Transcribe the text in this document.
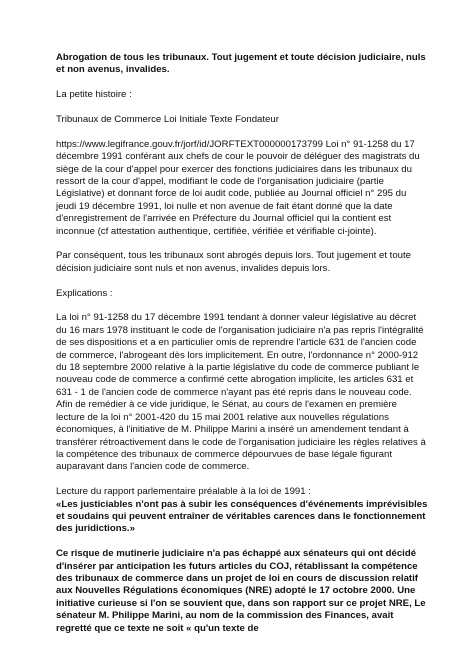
Abrogation de tous les tribunaux. Tout jugement et toute décision judiciaire, nuls et non avenus, invalides.

La petite histoire :

Tribunaux de Commerce Loi Initiale Texte Fondateur

https://www.legifrance.gouv.fr/jorf/id/JORFTEXT000000173799 Loi n° 91-1258 du 17 décembre 1991 conférant aux chefs de cour le pouvoir de déléguer des magistrats du siège de la cour d'appel pour exercer des fonctions judiciaires dans les tribunaux du ressort de la cour d'appel, modifiant le code de l'organisation judiciaire (partie Législative) et donnant force de loi audit code, publiée au Journal officiel n° 295 du jeudi 19 décembre 1991, loi nulle et non avenue de fait étant donné que la date d'enregistrement de l'arrivée en Préfecture du Journal officiel qui la contient est inconnue (cf attestation authentique, certifiée, vérifiée et vérifiable ci-jointe).

Par conséquent, tous les tribunaux sont abrogés depuis lors. Tout jugement et toute décision judiciaire sont nuls et non avenus, invalides depuis lors.

Explications :

La loi n° 91-1258 du 17 décembre 1991 tendant à donner valeur législative au décret du 16 mars 1978 instituant le code de l'organisation judiciaire n'a pas repris l'intégralité de ses dispositions et a en particulier omis de reprendre l'article 631 de l'ancien code de commerce, l'abrogeant dès lors implicitement. En outre, l'ordonnance n° 2000-912 du 18 septembre 2000 relative à la partie législative du code de commerce publiant le nouveau code de commerce a confirmé cette abrogation implicite, les articles 631 et 631 - 1 de l'ancien code de commerce n'ayant pas été repris dans le nouveau code. Afin de remédier à ce vide juridique, le Sénat, au cours de l'examen en première lecture de la loi n° 2001-420 du 15 mai 2001 relative aux nouvelles régulations économiques, à l'initiative de M. Philippe Marini a inséré un amendement tendant à transférer rétroactivement dans le code de l'organisation judiciaire les règles relatives à la compétence des tribunaux de commerce dépourvues de base légale figurant auparavant dans l'ancien code de commerce.

Lecture du rapport parlementaire préalable à la loi de 1991 :

«Les justiciables n'ont pas à subir les conséquences d'événements imprévisibles et soudains qui peuvent entraîner de véritables carences dans le fonctionnement des juridictions.»

Ce risque de mutinerie judiciaire n'a pas échappé aux sénateurs qui ont décidé d'insérer par anticipation les futurs articles du COJ, rétablissant la compétence des tribunaux de commerce dans un projet de loi en cours de discussion relatif aux Nouvelles Régulations économiques (NRE) adopté le 17 octobre 2000. Une initiative curieuse si l'on se souvient que, dans son rapport sur ce projet NRE, Le sénateur M. Philippe Marini, au nom de la commission des Finances, avait regretté que ce texte ne soit « qu'un texte de
